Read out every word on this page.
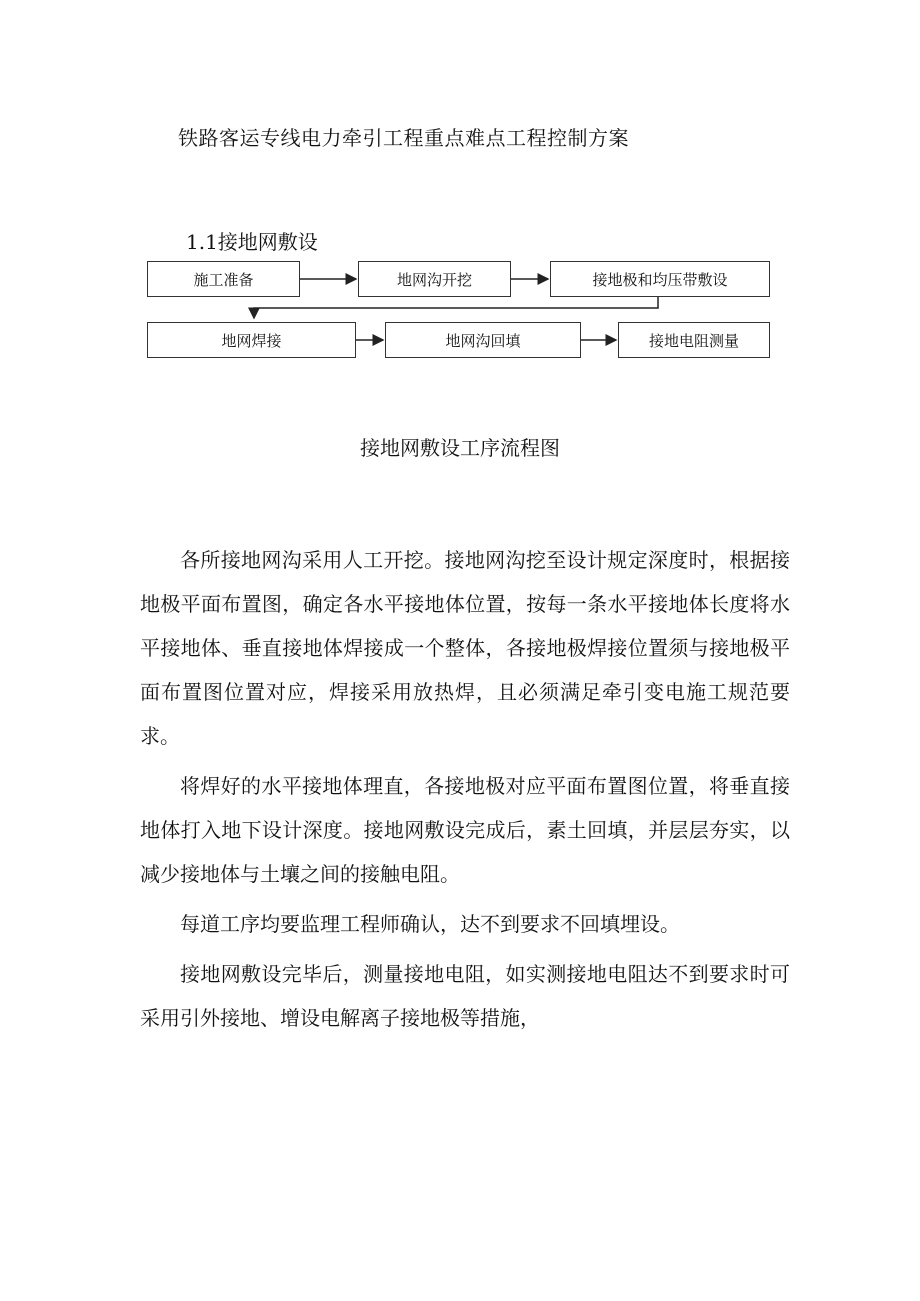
铁路客运专线电力牵引工程重点难点工程控制方案
1.1接地网敷设
施工准备	地网沟开挖	接地极和均压带敷设
地网焊接	地网沟回填	接地电阻测量
接地网敷设工序流程图

各所接地网沟采用人工开挖。接地网沟挖至设计规定深度时，根据接地极平面布置图，确定各水平接地体位置，按每一条水平接地体长度将水平接地体、垂直接地体焊接成一个整体，各接地极焊接位置须与接地极平面布置图位置对应，焊接采用放热焊，且必须满足牵引变电施工规范要求。

将焊好的水平接地体理直，各接地极对应平面布置图位置，将垂直接地体打入地下设计深度。接地网敷设完成后，素土回填，并层层夯实，以减少接地体与土壤之间的接触电阻。

每道工序均要监理工程师确认，达不到要求不回填埋设。

接地网敷设完毕后，测量接地电阻，如实测接地电阻达不到要求时可采用引外接地、增设电解离子接地极等措施，
